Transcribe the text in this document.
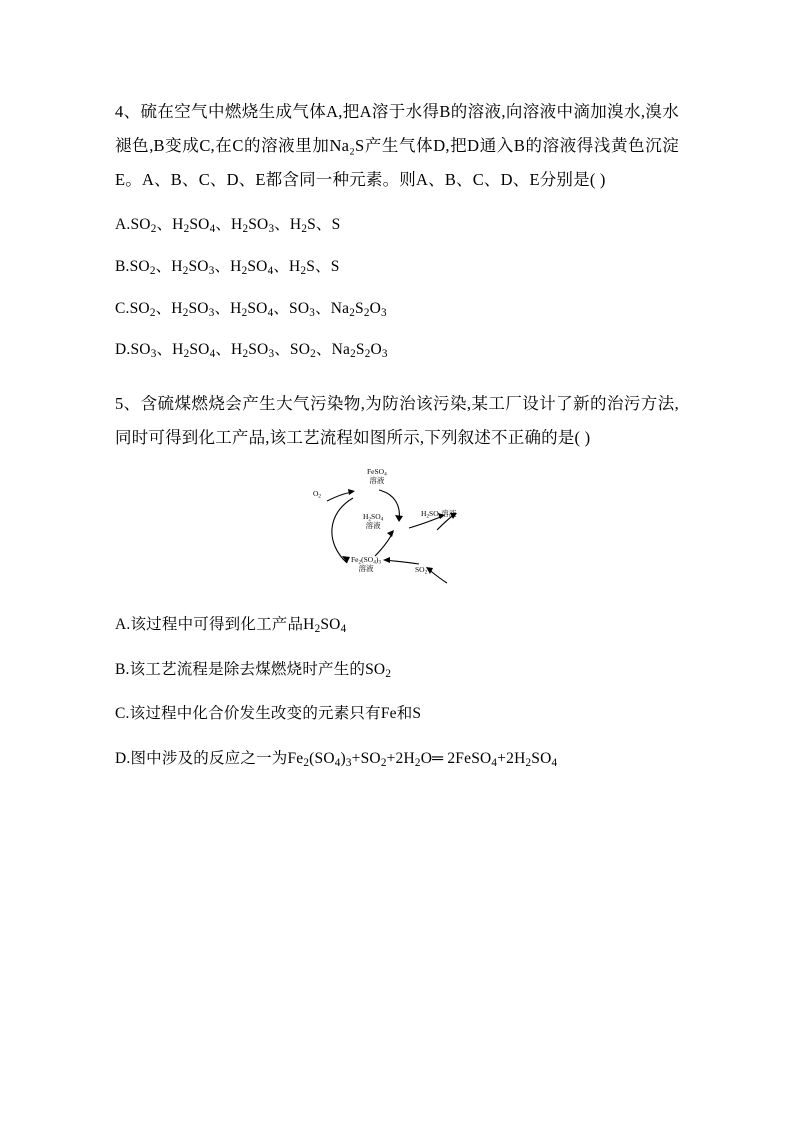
4、硫在空气中燃烧生成气体A,把A溶于水得B的溶液,向溶液中滴加溴水,溴水褪色,B变成C,在C的溶液里加Na₂S产生气体D,把D通入B的溶液得浅黄色沉淀E。A、B、C、D、E都含同一种元素。则A、B、C、D、E分别是( )
$A.SO_2$、$H_2SO_4$、$H_2SO_3$、$H_2S$、S
$B.SO_2$、$H_2SO_3$、$H_2SO_4$、$H_2S$、S
$C.SO_2$、$H_2SO_3$、$H_2SO_4$、$SO_3$、$Na_2S_2O_3$
$D.SO_3$、$H_2SO_4$、$H_2SO_3$、$SO_2$、$Na_2S_2O_3$
5、含硫煤燃烧会产生大气污染物,为防治该污染,某工厂设计了新的治污方法,同时可得到化工产品,该工艺流程如图所示,下列叙述不正确的是( )
$O_2$
FeSO$_4$
溶液
$H_2SO_4$
溶液
$H_2SO_4$溶液
$Fe_2(SO_4)_3$
溶液	$SO_2$
A.该过程中可得到化工产品$H_2SO_4$
B.该工艺流程是除去煤燃烧时产生的$SO_2$
C.该过程中化合价发生改变的元素只有Fe和S
D.图中涉及的反应之一为$Fe_2(SO_4)_3+SO_2+2H_2O═$ $2FeSO_4+2H_2SO_4$
